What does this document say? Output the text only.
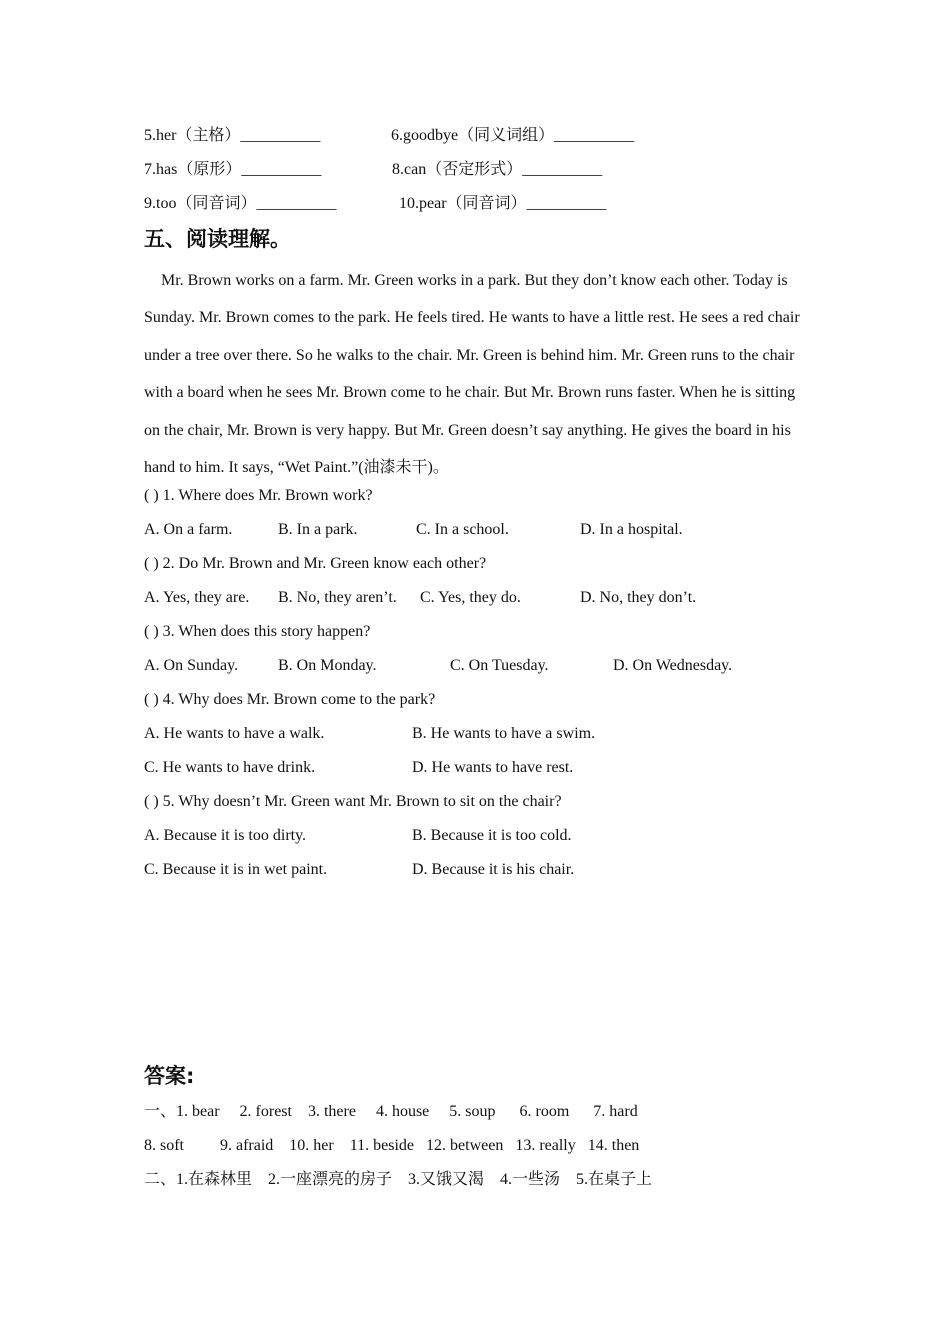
5.her（主格）__________	6.goodbye（同义词组）__________
7.has（原形）__________	8.can（否定形式）__________
9.too（同音词）__________	10.pear（同音词）__________
五、阅读理解。

Mr. Brown works on a farm. Mr. Green works in a park. But they don’t know each other. Today is Sunday. Mr. Brown comes to the park. He feels tired. He wants to have a little rest. He sees a red chair under a tree over there. So he walks to the chair. Mr. Green is behind him. Mr. Green runs to the chair with a board when he sees Mr. Brown come to he chair. But Mr. Brown runs faster. When he is sitting on the chair, Mr. Brown is very happy. But Mr. Green doesn’t say anything. He gives the board in his hand to him. It says, “Wet Paint.”(油漆未干)。

( ) 1. Where does Mr. Brown work?
A. On a farm.	B. In a park.	C. In a school.	D. In a hospital.
( ) 2. Do Mr. Brown and Mr. Green know each other?
A. Yes, they are. B. No, they aren’t. C. Yes, they do.	D. No, they don’t.
( ) 3. When does this story happen?
A. On Sunday. B. On Monday.	C. On Tuesday.	D. On Wednesday.
( ) 4. Why does Mr. Brown come to the park?
A. He wants to have a walk.	B. He wants to have a swim.
C. He wants to have drink.	D. He wants to have rest.
( ) 5. Why doesn’t Mr. Green want Mr. Brown to sit on the chair?
A. Because it is too dirty.	B. Because it is too cold.
C. Because it is in wet paint.	D. Because it is his chair.
答案:
一、1. bear     2. forest    3. there     4. house     5. soup      6. room      7. hard
8. soft         9. afraid    10. her    11. beside   12. between   13. really   14. then
二、1.在森林里    2.一座漂亮的房子    3.又饿又渴    4.一些汤    5.在桌子上
